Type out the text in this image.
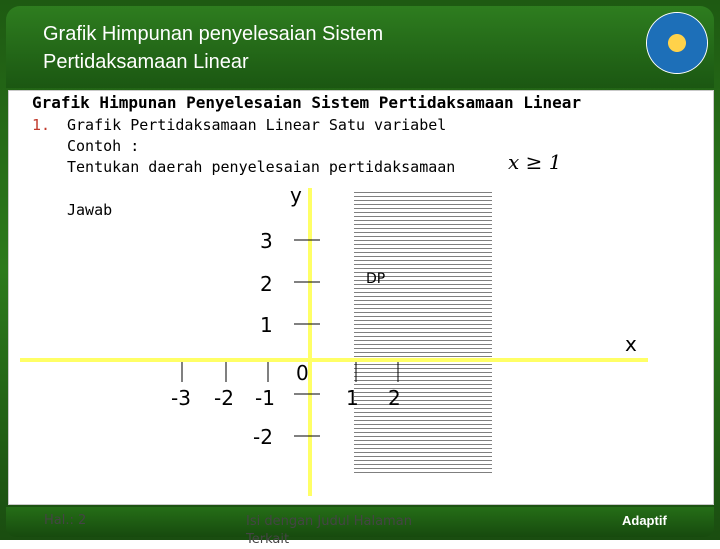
Grafik Himpunan penyelesaian Sistem
Pertidaksamaan Linear
Grafik Himpunan Penyelesaian Sistem Pertidaksamaan Linear
1. Grafik Pertidaksamaan Linear Satu variabel
Contoh :
Tentukan daerah penyelesaian pertidaksamaan	x ≥ 1
Jawab
y
x
0
DP
-3 -2 -1	1 2
3
2
1
-2
Hal.: 2	Isi dengan Judul Halaman Terkait
Adaptif
